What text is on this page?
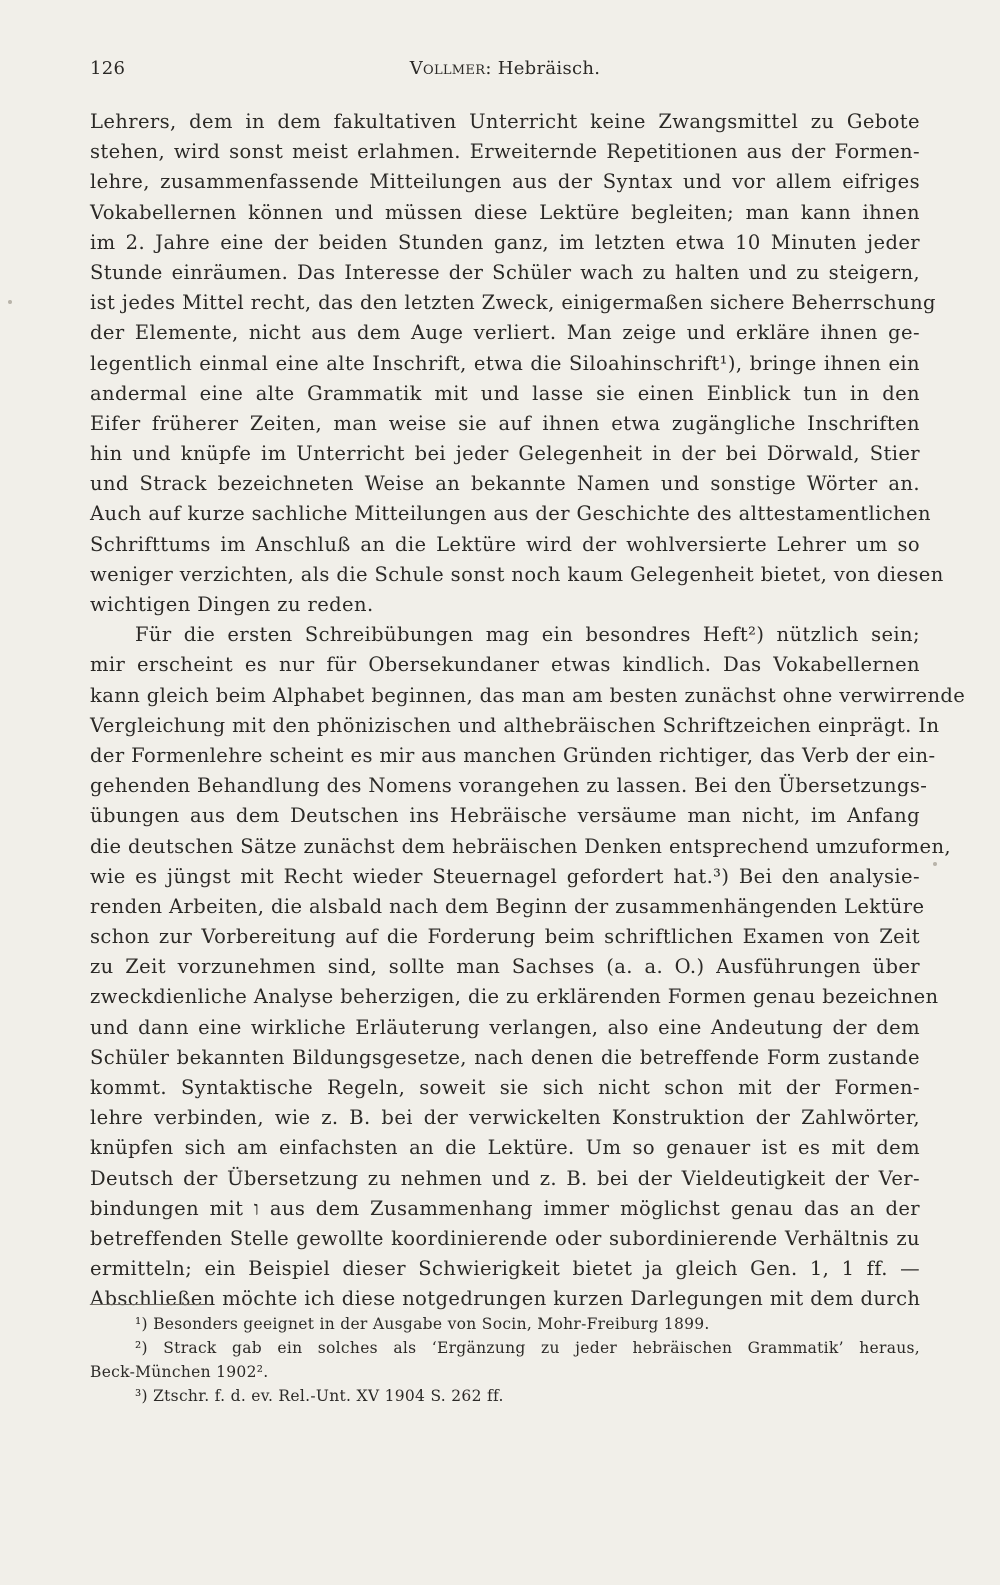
126	Vollmer: Hebräisch.
Lehrers, dem in dem fakultativen Unterricht keine Zwangsmittel zu Gebote
stehen, wird sonst meist erlahmen. Erweiternde Repetitionen aus der Formen-
lehre, zusammenfassende Mitteilungen aus der Syntax und vor allem eifriges
Vokabellernen können und müssen diese Lektüre begleiten; man kann ihnen
im 2. Jahre eine der beiden Stunden ganz, im letzten etwa 10 Minuten jeder
Stunde einräumen. Das Interesse der Schüler wach zu halten und zu steigern,
ist jedes Mittel recht, das den letzten Zweck, einigermaßen sichere Beherrschung
der Elemente, nicht aus dem Auge verliert. Man zeige und erkläre ihnen ge-
legentlich einmal eine alte Inschrift, etwa die Siloahinschrift¹), bringe ihnen ein
andermal eine alte Grammatik mit und lasse sie einen Einblick tun in den
Eifer früherer Zeiten, man weise sie auf ihnen etwa zugängliche Inschriften
hin und knüpfe im Unterricht bei jeder Gelegenheit in der bei Dörwald, Stier
und Strack bezeichneten Weise an bekannte Namen und sonstige Wörter an.
Auch auf kurze sachliche Mitteilungen aus der Geschichte des alttestamentlichen
Schrifttums im Anschluß an die Lektüre wird der wohlversierte Lehrer um so
weniger verzichten, als die Schule sonst noch kaum Gelegenheit bietet, von diesen
wichtigen Dingen zu reden.
Für die ersten Schreibübungen mag ein besondres Heft²) nützlich sein;
mir erscheint es nur für Obersekundaner etwas kindlich. Das Vokabellernen
kann gleich beim Alphabet beginnen, das man am besten zunächst ohne verwirrende
Vergleichung mit den phönizischen und althebräischen Schriftzeichen einprägt. In
der Formenlehre scheint es mir aus manchen Gründen richtiger, das Verb der ein-
gehenden Behandlung des Nomens vorangehen zu lassen. Bei den Übersetzungs-
übungen aus dem Deutschen ins Hebräische versäume man nicht, im Anfang
die deutschen Sätze zunächst dem hebräischen Denken entsprechend umzuformen,
wie es jüngst mit Recht wieder Steuernagel gefordert hat.³) Bei den analysie-
renden Arbeiten, die alsbald nach dem Beginn der zusammenhängenden Lektüre
schon zur Vorbereitung auf die Forderung beim schriftlichen Examen von Zeit
zu Zeit vorzunehmen sind, sollte man Sachses (a. a. O.) Ausführungen über
zweckdienliche Analyse beherzigen, die zu erklärenden Formen genau bezeichnen
und dann eine wirkliche Erläuterung verlangen, also eine Andeutung der dem
Schüler bekannten Bildungsgesetze, nach denen die betreffende Form zustande
kommt. Syntaktische Regeln, soweit sie sich nicht schon mit der Formen-
lehre verbinden, wie z. B. bei der verwickelten Konstruktion der Zahlwörter,
knüpfen sich am einfachsten an die Lektüre. Um so genauer ist es mit dem
Deutsch der Übersetzung zu nehmen und z. B. bei der Vieldeutigkeit der Ver-
bindungen mit ו aus dem Zusammenhang immer möglichst genau das an der
betreffenden Stelle gewollte koordinierende oder subordinierende Verhältnis zu
ermitteln; ein Beispiel dieser Schwierigkeit bietet ja gleich Gen. 1, 1 ff. —
Abschließen möchte ich diese notgedrungen kurzen Darlegungen mit dem durch
¹) Besonders geeignet in der Ausgabe von Socin, Mohr-Freiburg 1899.
²) Strack gab ein solches als ‘Ergänzung zu jeder hebräischen Grammatik’ heraus,
Beck-München 1902².
³) Ztschr. f. d. ev. Rel.-Unt. XV 1904 S. 262 ff.
